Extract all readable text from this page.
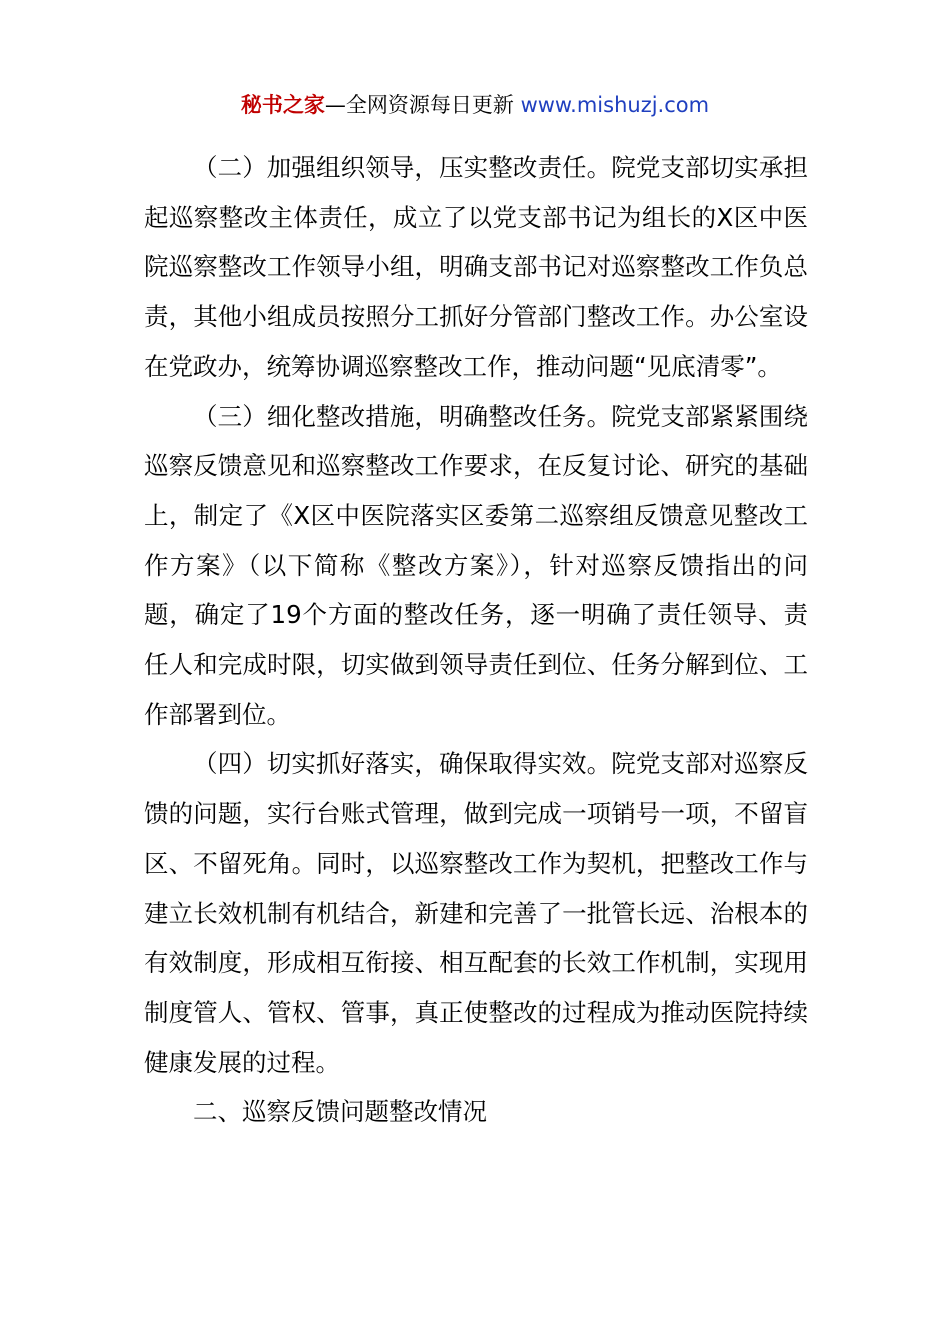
秘书之家—全网资源每日更新 www.mishuzj.com

（二）加强组织领导，压实整改责任。院党支部切实承担起巡察整改主体责任，成立了以党支部书记为组长的X区中医院巡察整改工作领导小组，明确支部书记对巡察整改工作负总责，其他小组成员按照分工抓好分管部门整改工作。办公室设在党政办，统筹协调巡察整改工作，推动问题“见底清零”。

（三）细化整改措施，明确整改任务。院党支部紧紧围绕巡察反馈意见和巡察整改工作要求，在反复讨论、研究的基础上，制定了《X区中医院落实区委第二巡察组反馈意见整改工作方案》（以下简称《整改方案》），针对巡察反馈指出的问题，确定了19个方面的整改任务，逐一明确了责任领导、责任人和完成时限，切实做到领导责任到位、任务分解到位、工作部署到位。

（四）切实抓好落实，确保取得实效。院党支部对巡察反馈的问题，实行台账式管理，做到完成一项销号一项，不留盲区、不留死角。同时，以巡察整改工作为契机，把整改工作与建立长效机制有机结合，新建和完善了一批管长远、治根本的有效制度，形成相互衔接、相互配套的长效工作机制，实现用制度管人、管权、管事，真正使整改的过程成为推动医院持续健康发展的过程。

二、巡察反馈问题整改情况
